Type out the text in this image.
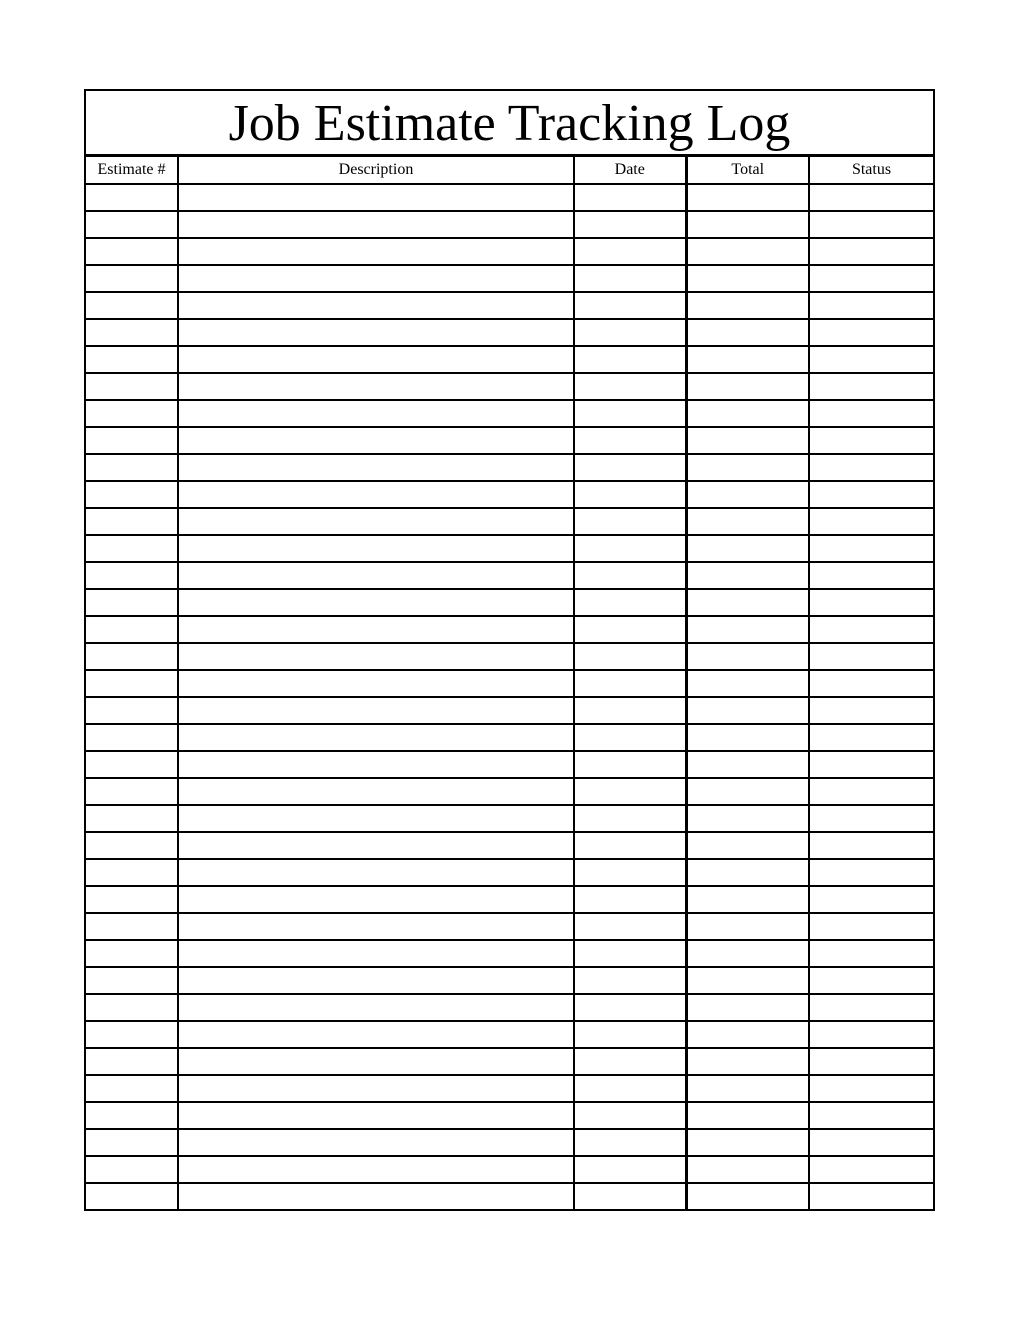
Job Estimate Tracking Log
Estimate #	Description	Date	Total	Status
